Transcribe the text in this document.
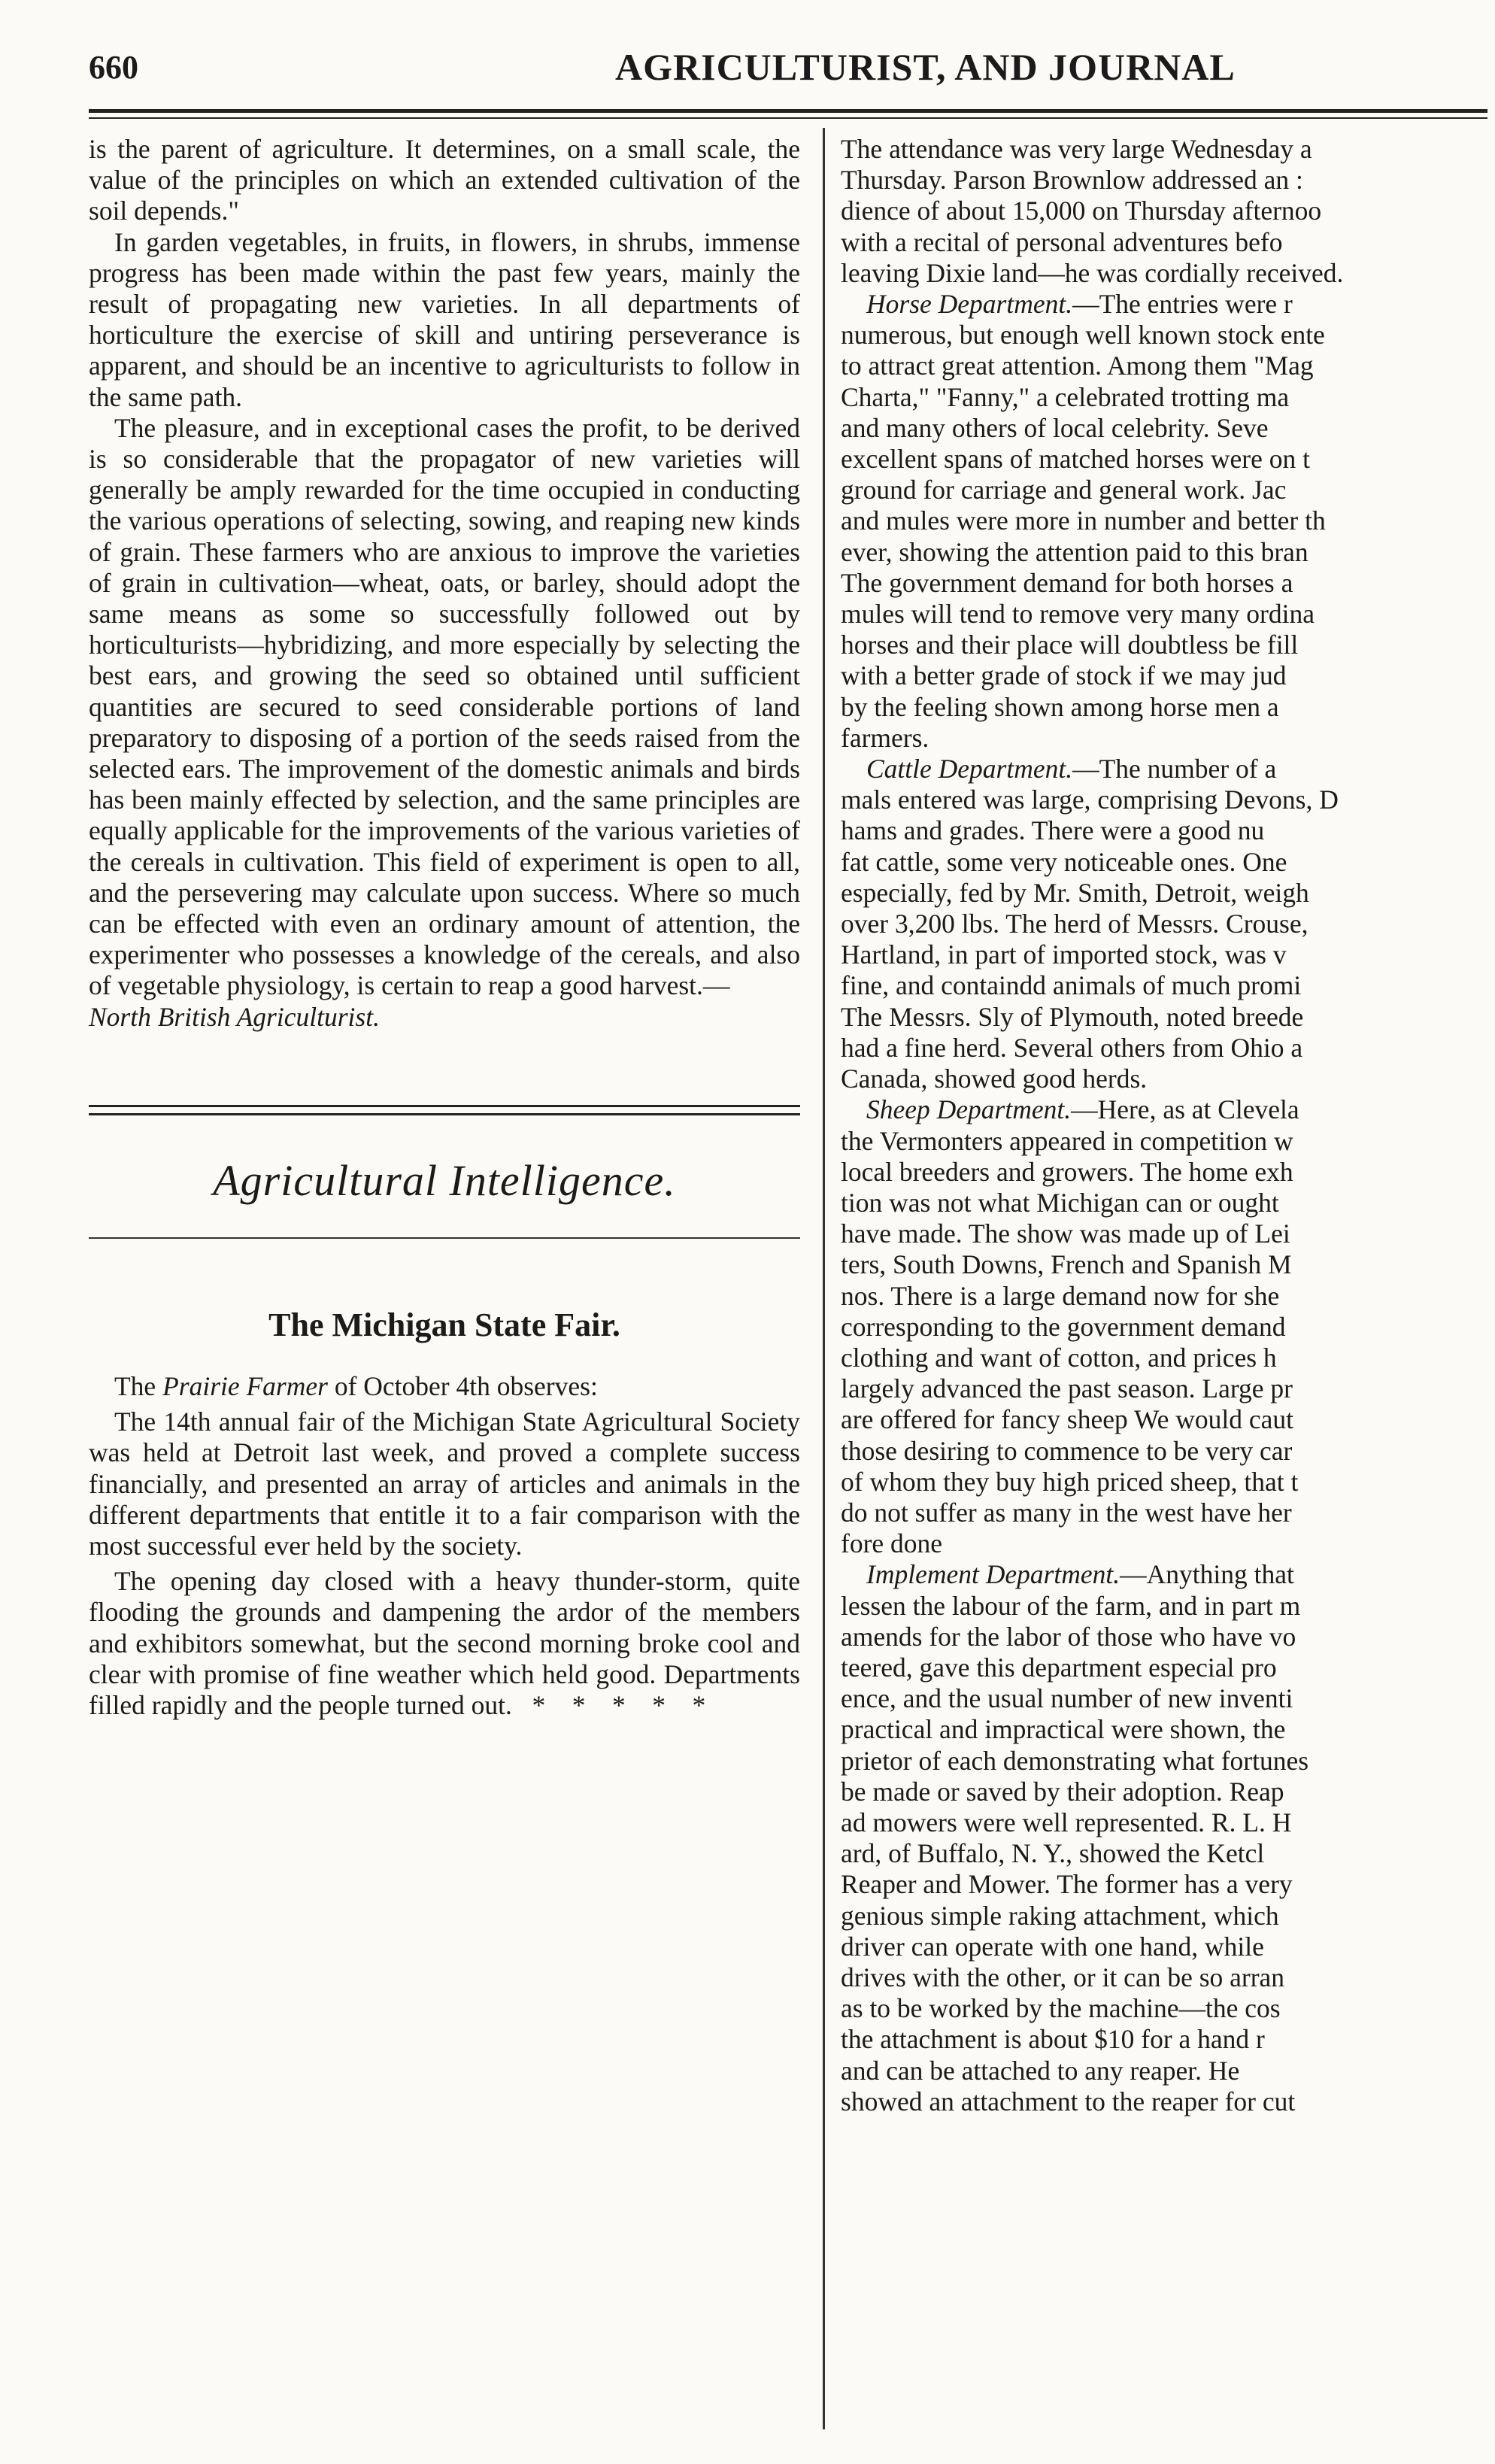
660	AGRICULTURIST, AND JOURNAL

is the parent of agriculture. It determines, on a small scale, the value of the principles on which an extended cultivation of the soil depends."

In garden vegetables, in fruits, in flowers, in shrubs, immense progress has been made within the past few years, mainly the result of propagating new varieties. In all departments of horticulture the exercise of skill and untiring perseverance is apparent, and should be an incentive to agriculturists to follow in the same path.

The pleasure, and in exceptional cases the profit, to be derived is so considerable that the propagator of new varieties will generally be amply rewarded for the time occupied in conducting the various operations of selecting, sowing, and reaping new kinds of grain. These farmers who are anxious to improve the varieties of grain in cultivation—wheat, oats, or barley, should adopt the same means as some so successfully followed out by horticulturists—hybridizing, and more especially by selecting the best ears, and growing the seed so obtained until sufficient quantities are secured to seed considerable portions of land preparatory to disposing of a portion of the seeds raised from the selected ears. The improvement of the domestic animals and birds has been mainly effected by selection, and the same principles are equally applicable for the improvements of the various varieties of the cereals in cultivation. This field of experiment is open to all, and the persevering may calculate upon success. Where so much can be effected with even an ordinary amount of attention, the experimenter who possesses a knowledge of the cereals, and also of vegetable physiology, is certain to reap a good harvest.—

North British Agriculturist.

Agricultural Intelligence.
The Michigan State Fair.

The Prairie Farmer of October 4th observes:

The 14th annual fair of the Michigan State Agricultural Society was held at Detroit last week, and proved a complete success financially, and presented an array of articles and animals in the different departments that entitle it to a fair comparison with the most successful ever held by the society.

The opening day closed with a heavy thunder-storm, quite flooding the grounds and dampening the ardor of the members and exhibitors somewhat, but the second morning broke cool and clear with promise of fine weather which held good. Departments filled rapidly and the people turned out. *    *    *    *    *

The attendance was very large Wednesday a

Thursday. Parson Brownlow addressed an :

dience of about 15,000 on Thursday afternoo

with a recital of personal adventures befo

leaving Dixie land—he was cordially received.

Horse Department.—The entries were r

numerous, but enough well known stock ente

to attract great attention. Among them "Mag

Charta," "Fanny," a celebrated trotting ma

and many others of local celebrity. Seve

excellent spans of matched horses were on t

ground for carriage and general work. Jac

and mules were more in number and better th

ever, showing the attention paid to this bran

The government demand for both horses a

mules will tend to remove very many ordina

horses and their place will doubtless be fill

with a better grade of stock if we may jud

by the feeling shown among horse men a

farmers.

Cattle Department.—The number of a

mals entered was large, comprising Devons, D

hams and grades. There were a good nu

fat cattle, some very noticeable ones. One

especially, fed by Mr. Smith, Detroit, weigh

over 3,200 lbs. The herd of Messrs. Crouse,

Hartland, in part of imported stock, was v

fine, and containdd animals of much promi

The Messrs. Sly of Plymouth, noted breede

had a fine herd. Several others from Ohio a

Canada, showed good herds.

Sheep Department.—Here, as at Clevela

the Vermonters appeared in competition w

local breeders and growers. The home exh

tion was not what Michigan can or ought

have made. The show was made up of Lei

ters, South Downs, French and Spanish M

nos. There is a large demand now for she

corresponding to the government demand

clothing and want of cotton, and prices h

largely advanced the past season. Large pr

are offered for fancy sheep We would caut

those desiring to commence to be very car

of whom they buy high priced sheep, that t

do not suffer as many in the west have her

fore done

Implement Department.—Anything that

lessen the labour of the farm, and in part m

amends for the labor of those who have vo

teered, gave this department especial pro

ence, and the usual number of new inventi

practical and impractical were shown, the

prietor of each demonstrating what fortunes

be made or saved by their adoption. Reap

ad mowers were well represented. R. L. H

ard, of Buffalo, N. Y., showed the Ketcl

Reaper and Mower. The former has a very

genious simple raking attachment, which

driver can operate with one hand, while

drives with the other, or it can be so arran

as to be worked by the machine—the cos

the attachment is about $10 for a hand r

and can be attached to any reaper. He

showed an attachment to the reaper for cut
